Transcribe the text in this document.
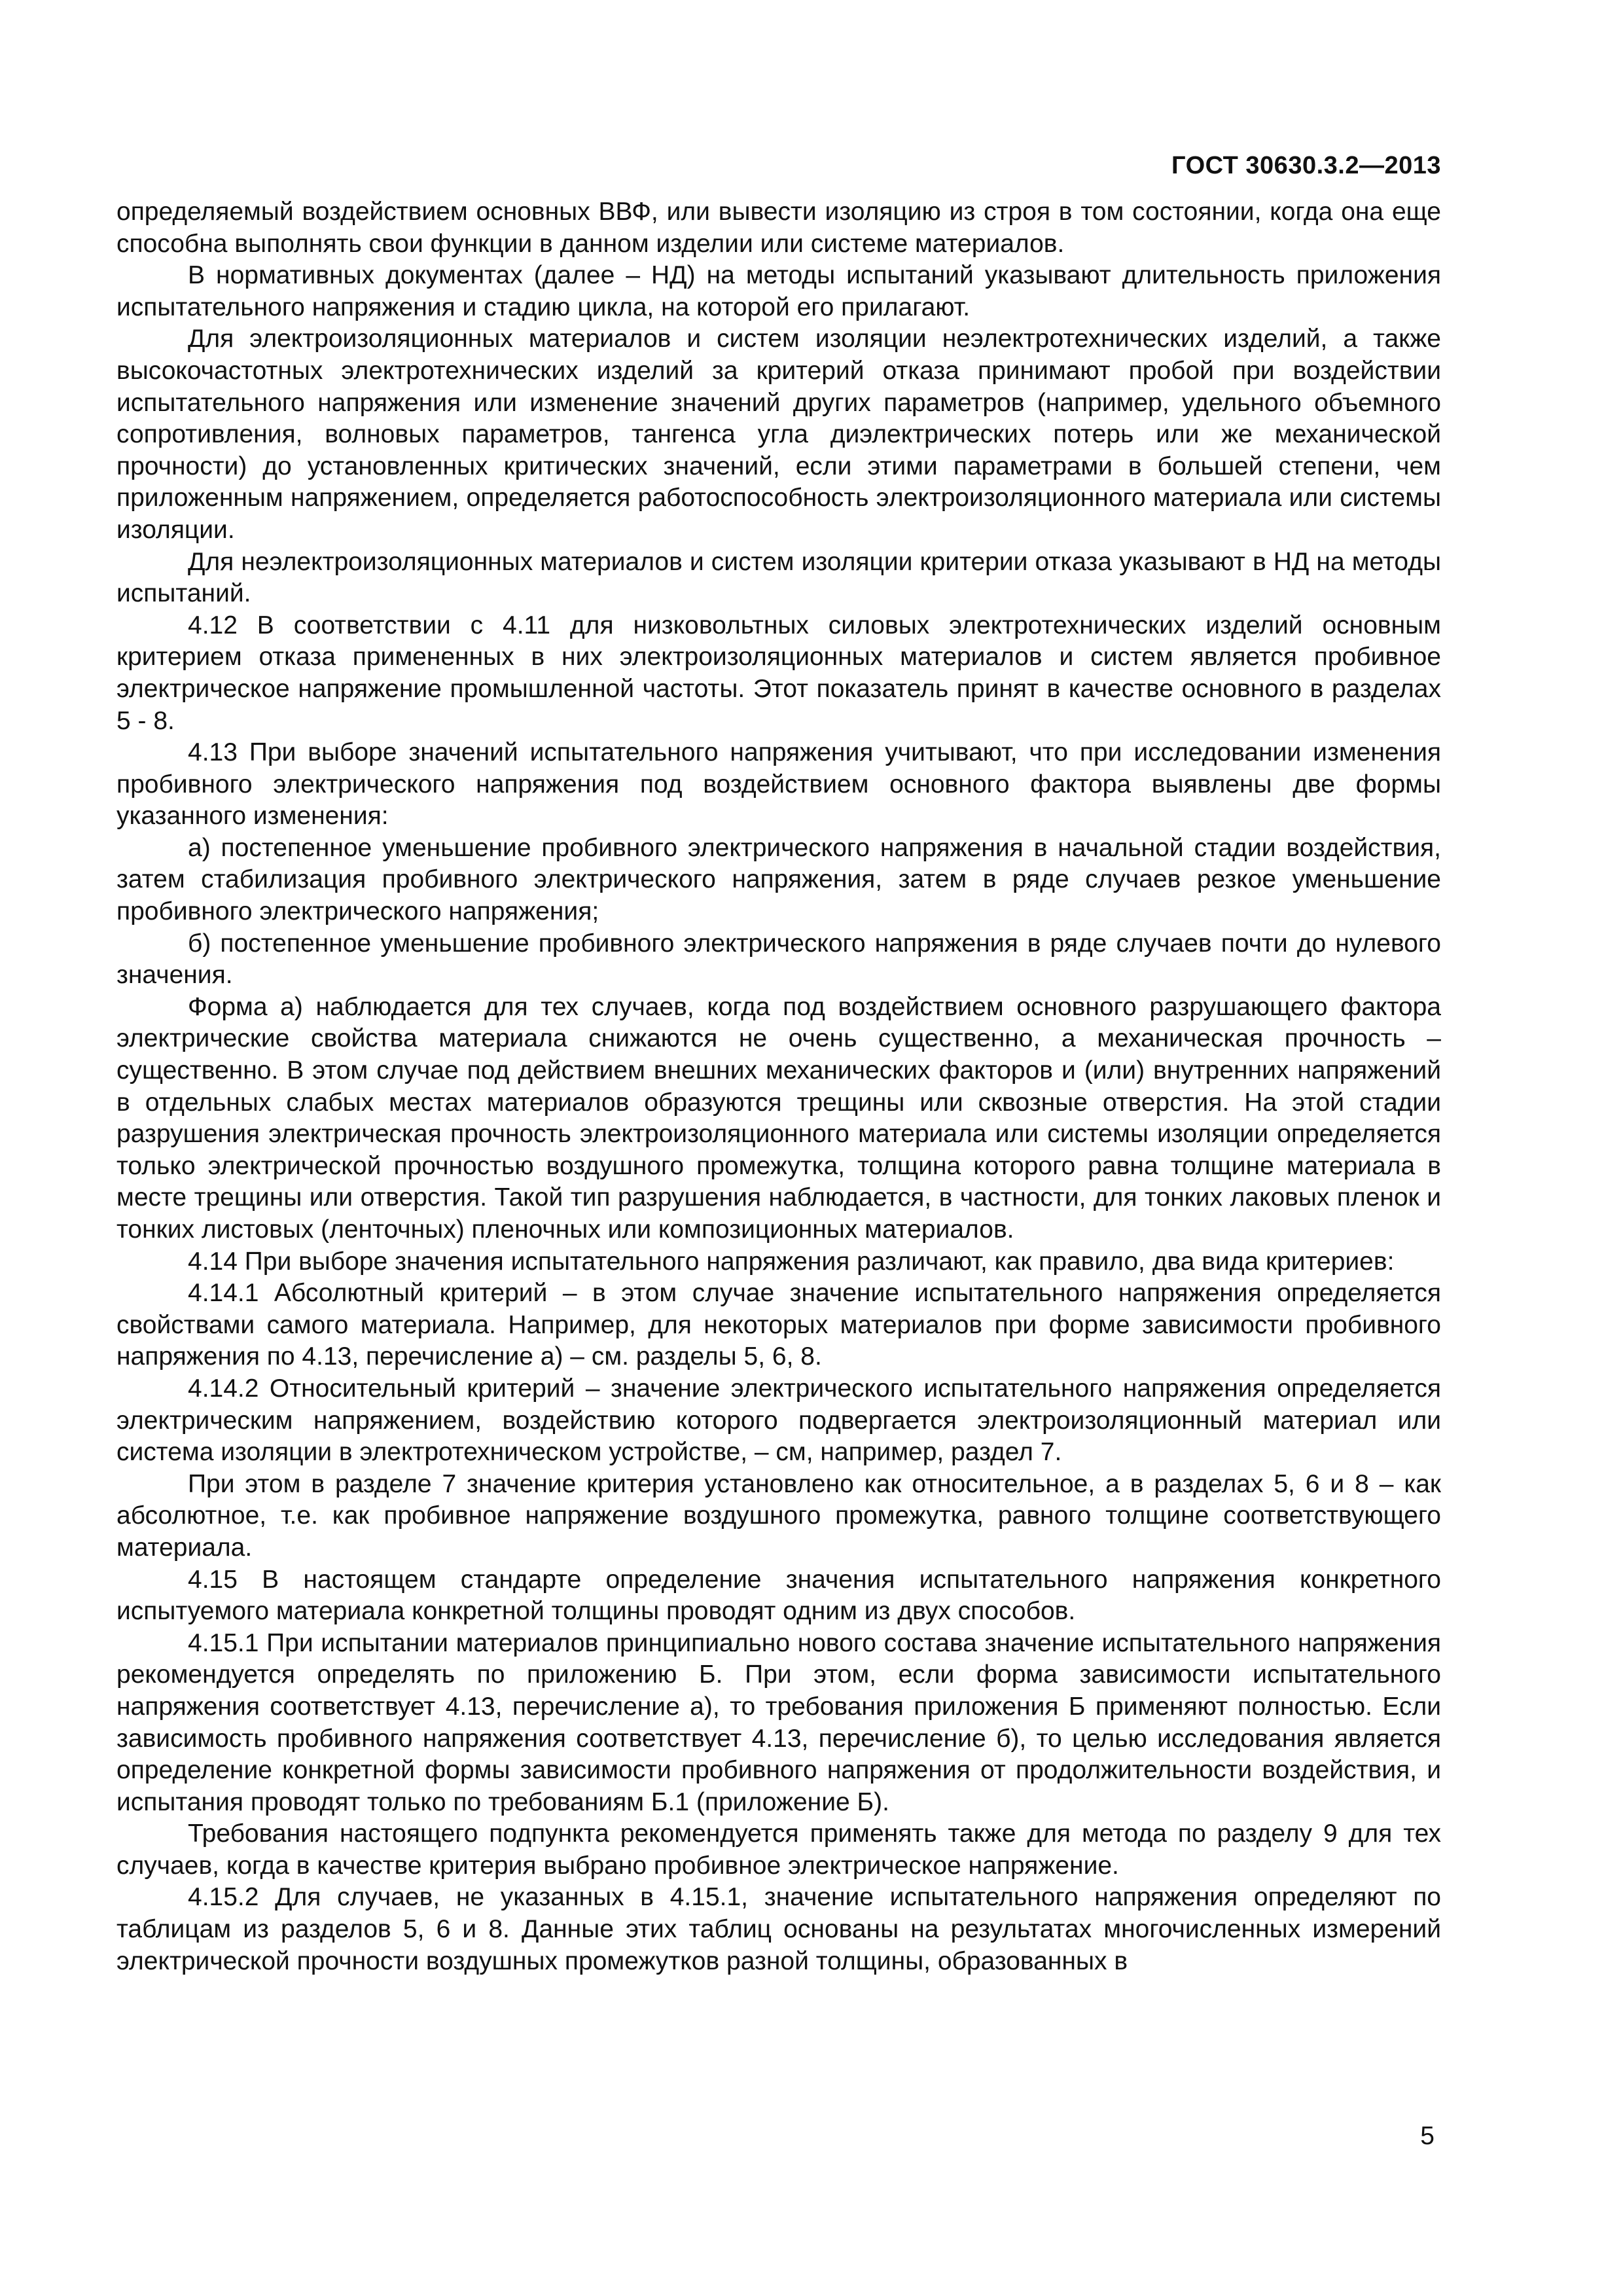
ГОСТ 30630.3.2—2013

определяемый воздействием основных ВВФ, или вывести изоляцию из строя в том состоянии, когда она еще способна выполнять свои функции в данном изделии или системе материалов.

В нормативных документах (далее – НД) на методы испытаний указывают длительность приложения испытательного напряжения и стадию цикла, на которой его прилагают.

Для электроизоляционных материалов и систем изоляции неэлектротехнических изделий, а также высокочастотных электротехнических изделий за критерий отказа принимают пробой при воздействии испытательного напряжения или изменение значений других параметров (например, удельного объемного сопротивления, волновых параметров, тангенса угла диэлектрических потерь или же механической прочности) до установленных критических значений, если этими параметрами в большей степени, чем приложенным напряжением, определяется работоспособность электроизоляционного материала или системы изоляции.

Для неэлектроизоляционных материалов и систем изоляции критерии отказа указывают в НД на методы испытаний.

4.12 В соответствии с 4.11 для низковольтных силовых электротехнических изделий основным критерием отказа примененных в них электроизоляционных материалов и систем является пробивное электрическое напряжение промышленной частоты. Этот показатель принят в качестве основного в разделах 5 - 8.

4.13 При выборе значений испытательного напряжения учитывают, что при исследовании изменения пробивного электрического напряжения под воздействием основного фактора выявлены две формы указанного изменения:

а) постепенное уменьшение пробивного электрического напряжения в начальной стадии воздействия, затем стабилизация пробивного электрического напряжения, затем в ряде случаев резкое уменьшение пробивного электрического напряжения;

б) постепенное уменьшение пробивного электрического напряжения в ряде случаев почти до нулевого значения.

Форма а) наблюдается для тех случаев, когда под воздействием основного разрушающего фактора электрические свойства материала снижаются не очень существенно, а механическая прочность – существенно. В этом случае под действием внешних механических факторов и (или) внутренних напряжений в отдельных слабых местах материалов образуются трещины или сквозные отверстия. На этой стадии разрушения электрическая прочность электроизоляционного материала или системы изоляции определяется только электрической прочностью воздушного промежутка, толщина которого равна толщине материала в месте трещины или отверстия. Такой тип разрушения наблюдается, в частности, для тонких лаковых пленок и тонких листовых (ленточных) пленочных или композиционных материалов.

4.14 При выборе значения испытательного напряжения различают, как правило, два вида критериев:

4.14.1 Абсолютный критерий – в этом случае значение испытательного напряжения определяется свойствами самого материала. Например, для некоторых материалов при форме зависимости пробивного напряжения по 4.13, перечисление а) – см. разделы 5, 6, 8.

4.14.2 Относительный критерий – значение электрического испытательного напряжения определяется электрическим напряжением, воздействию которого подвергается электроизоляционный материал или система изоляции в электротехническом устройстве, – см, например, раздел 7.

При этом в разделе 7 значение критерия установлено как относительное, а в разделах 5, 6 и 8 – как абсолютное, т.е. как пробивное напряжение воздушного промежутка, равного толщине соответствующего материала.

4.15 В настоящем стандарте определение значения испытательного напряжения конкретного испытуемого материала конкретной толщины проводят одним из двух способов.

4.15.1 При испытании материалов принципиально нового состава значение испытательного напряжения рекомендуется определять по приложению Б. При этом, если форма зависимости испытательного напряжения соответствует 4.13, перечисление а), то требования приложения Б применяют полностью. Если зависимость пробивного напряжения соответствует 4.13, перечисление б), то целью исследования является определение конкретной формы зависимости пробивного напряжения от продолжительности воздействия, и испытания проводят только по требованиям Б.1 (приложение Б).

Требования настоящего подпункта рекомендуется применять также для метода по разделу 9 для тех случаев, когда в качестве критерия выбрано пробивное электрическое напряжение.

4.15.2 Для случаев, не указанных в 4.15.1, значение испытательного напряжения определяют по таблицам из разделов 5, 6 и 8. Данные этих таблиц основаны на результатах многочисленных измерений электрической прочности воздушных промежутков разной толщины, образованных в

5
